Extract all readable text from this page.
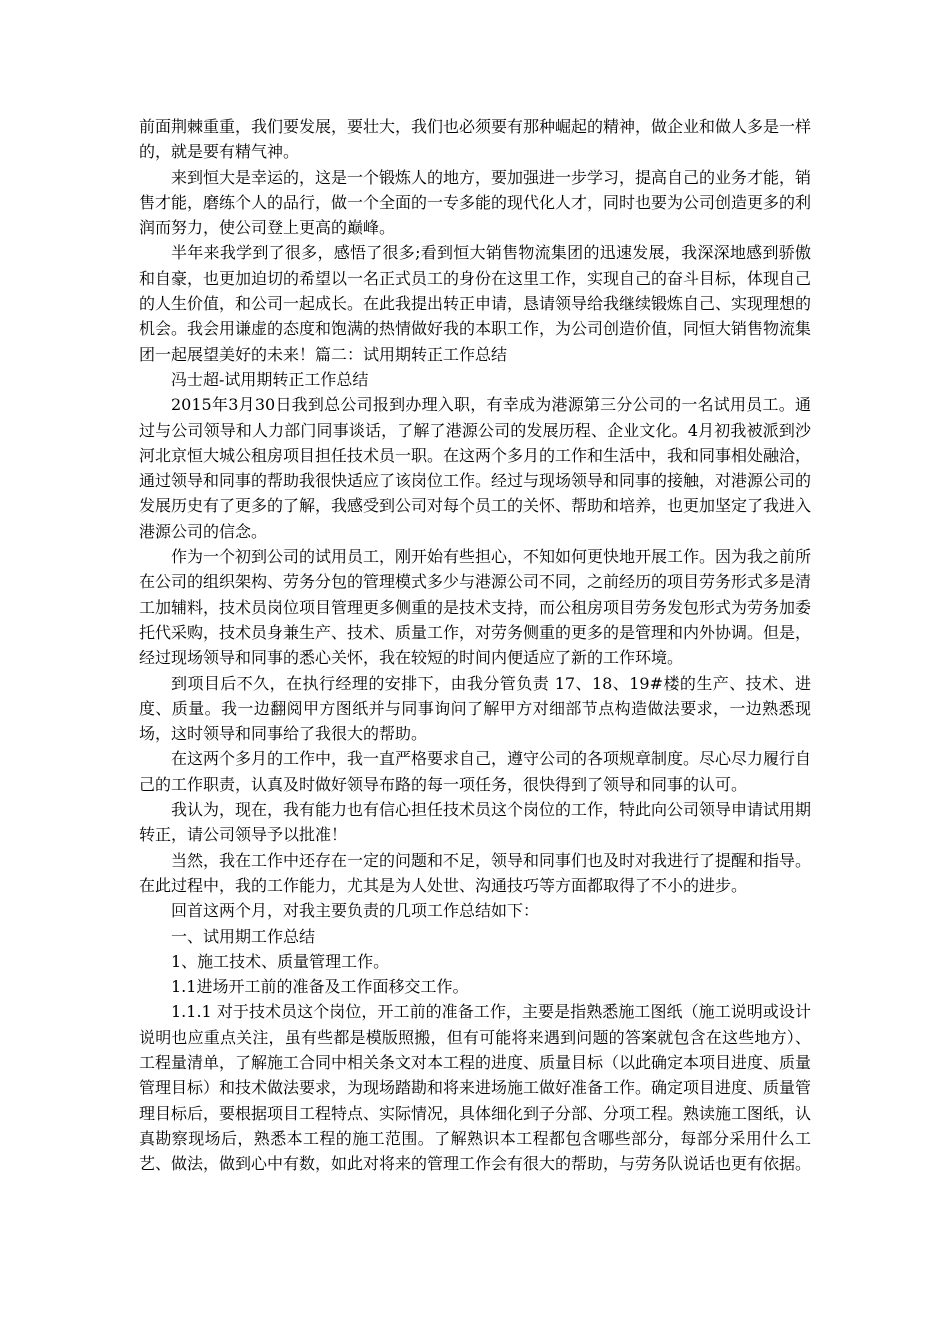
前面荆棘重重，我们要发展，要壮大，我们也必须要有那种崛起的精神，做企业和做人多是一样的，就是要有精气神。

来到恒大是幸运的，这是一个锻炼人的地方，要加强进一步学习，提高自己的业务才能，销售才能，磨练个人的品行，做一个全面的一专多能的现代化人才，同时也要为公司创造更多的利润而努力，使公司登上更高的巅峰。

半年来我学到了很多，感悟了很多;看到恒大销售物流集团的迅速发展，我深深地感到骄傲和自豪，也更加迫切的希望以一名正式员工的身份在这里工作，实现自己的奋斗目标，体现自己的人生价值，和公司一起成长。在此我提出转正申请，恳请领导给我继续锻炼自己、实现理想的机会。我会用谦虚的态度和饱满的热情做好我的本职工作，为公司创造价值，同恒大销售物流集团一起展望美好的未来！篇二：试用期转正工作总结

冯士超-试用期转正工作总结

2015年3月30日我到总公司报到办理入职，有幸成为港源第三分公司的一名试用员工。通过与公司领导和人力部门同事谈话，了解了港源公司的发展历程、企业文化。4月初我被派到沙河北京恒大城公租房项目担任技术员一职。在这两个多月的工作和生活中，我和同事相处融洽，通过领导和同事的帮助我很快适应了该岗位工作。经过与现场领导和同事的接触，对港源公司的发展历史有了更多的了解，我感受到公司对每个员工的关怀、帮助和培养，也更加坚定了我进入港源公司的信念。

作为一个初到公司的试用员工，刚开始有些担心，不知如何更快地开展工作。因为我之前所在公司的组织架构、劳务分包的管理模式多少与港源公司不同，之前经历的项目劳务形式多是清工加辅料，技术员岗位项目管理更多侧重的是技术支持，而公租房项目劳务发包形式为劳务加委托代采购，技术员身兼生产、技术、质量工作，对劳务侧重的更多的是管理和内外协调。但是，经过现场领导和同事的悉心关怀，我在较短的时间内便适应了新的工作环境。

到项目后不久，在执行经理的安排下，由我分管负责 17、18、19#楼的生产、技术、进度、质量。我一边翻阅甲方图纸并与同事询问了解甲方对细部节点构造做法要求，一边熟悉现场，这时领导和同事给了我很大的帮助。

在这两个多月的工作中，我一直严格要求自己，遵守公司的各项规章制度。尽心尽力履行自己的工作职责，认真及时做好领导布路的每一项任务，很快得到了领导和同事的认可。

我认为，现在，我有能力也有信心担任技术员这个岗位的工作，特此向公司领导申请试用期转正，请公司领导予以批准！

当然，我在工作中还存在一定的问题和不足，领导和同事们也及时对我进行了提醒和指导。在此过程中，我的工作能力，尤其是为人处世、沟通技巧等方面都取得了不小的进步。

回首这两个月，对我主要负责的几项工作总结如下：

一、试用期工作总结

1、施工技术、质量管理工作。

1.1进场开工前的准备及工作面移交工作。

1.1.1 对于技术员这个岗位，开工前的准备工作，主要是指熟悉施工图纸（施工说明或设计说明也应重点关注，虽有些都是模版照搬，但有可能将来遇到问题的答案就包含在这些地方）、工程量清单，了解施工合同中相关条文对本工程的进度、质量目标（以此确定本项目进度、质量管理目标）和技术做法要求，为现场踏勘和将来进场施工做好准备工作。确定项目进度、质量管理目标后，要根据项目工程特点、实际情况，具体细化到子分部、分项工程。熟读施工图纸，认真勘察现场后，熟悉本工程的施工范围。了解熟识本工程都包含哪些部分，每部分采用什么工艺、做法，做到心中有数，如此对将来的管理工作会有很大的帮助，与劳务队说话也更有依据。
